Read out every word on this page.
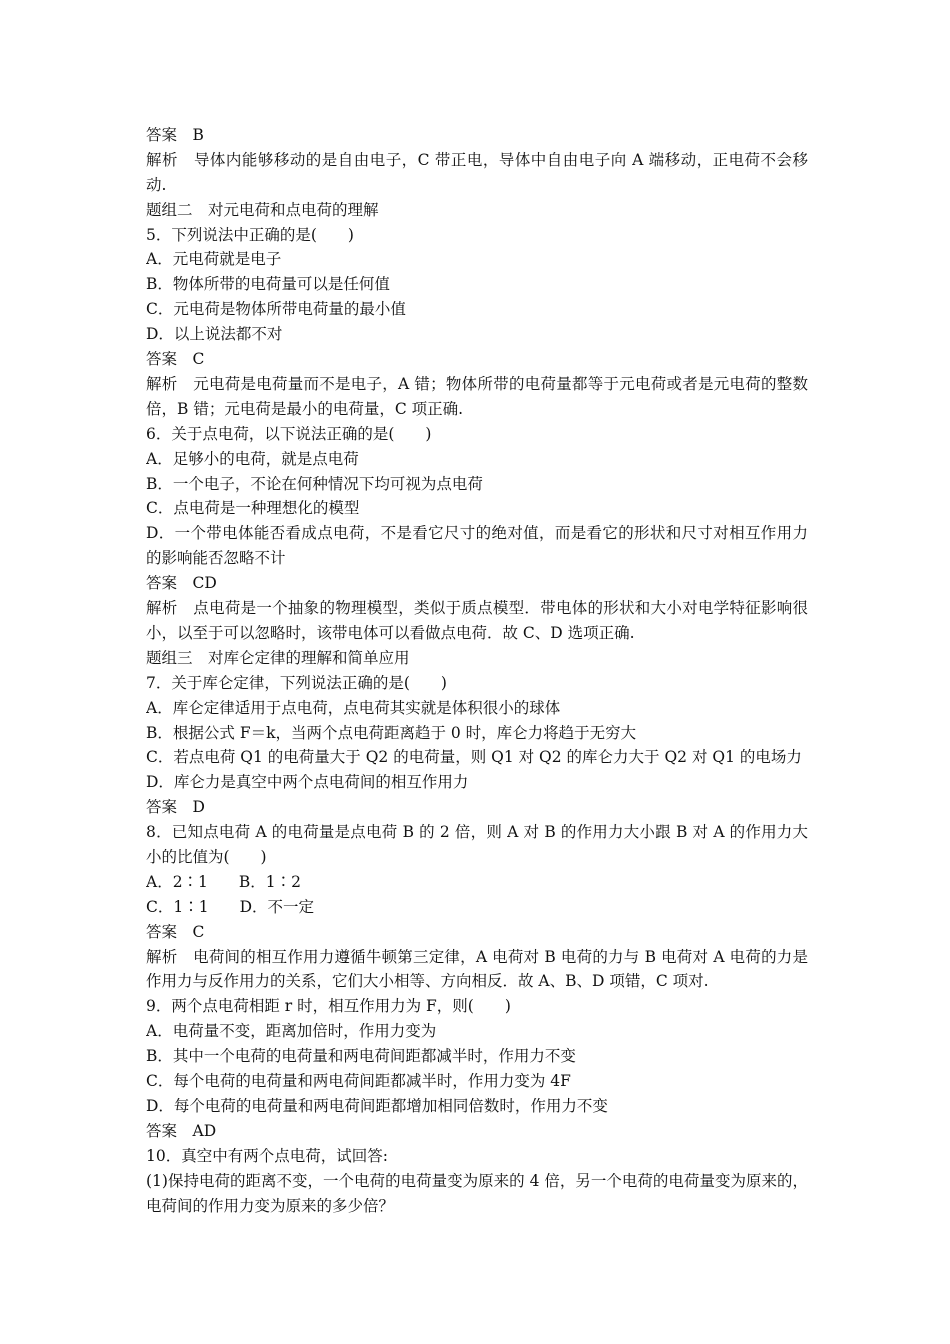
答案　B
解析　导体内能够移动的是自由电子，C 带正电，导体中自由电子向 A 端移动，正电荷不会移动.
题组二　对元电荷和点电荷的理解
5．下列说法中正确的是(　　)
A．元电荷就是电子
B．物体所带的电荷量可以是任何值
C．元电荷是物体所带电荷量的最小值
D．以上说法都不对
答案　C
解析　元电荷是电荷量而不是电子，A 错；物体所带的电荷量都等于元电荷或者是元电荷的整数倍，B 错；元电荷是最小的电荷量，C 项正确.
6．关于点电荷，以下说法正确的是(　　)
A．足够小的电荷，就是点电荷
B．一个电子，不论在何种情况下均可视为点电荷
C．点电荷是一种理想化的模型
D．一个带电体能否看成点电荷，不是看它尺寸的绝对值，而是看它的形状和尺寸对相互作用力的影响能否忽略不计
答案　CD
解析　点电荷是一个抽象的物理模型，类似于质点模型．带电体的形状和大小对电学特征影响很小，以至于可以忽略时，该带电体可以看做点电荷．故 C、D 选项正确.
题组三　对库仑定律的理解和简单应用
7．关于库仑定律，下列说法正确的是(　　)
A．库仑定律适用于点电荷，点电荷其实就是体积很小的球体
B．根据公式 F＝k，当两个点电荷距离趋于 0 时，库仑力将趋于无穷大
C．若点电荷 Q1 的电荷量大于 Q2 的电荷量，则 Q1 对 Q2 的库仑力大于 Q2 对 Q1 的电场力
D．库仑力是真空中两个点电荷间的相互作用力
答案　D
8．已知点电荷 A 的电荷量是点电荷 B 的 2 倍，则 A 对 B 的作用力大小跟 B 对 A 的作用力大小的比值为(　　)
A．2∶1　　B．1∶2
C．1∶1　　D．不一定
答案　C
解析　电荷间的相互作用力遵循牛顿第三定律，A 电荷对 B 电荷的力与 B 电荷对 A 电荷的力是作用力与反作用力的关系，它们大小相等、方向相反．故 A、B、D 项错，C 项对.
9．两个点电荷相距 r 时，相互作用力为 F，则(　　)
A．电荷量不变，距离加倍时，作用力变为
B．其中一个电荷的电荷量和两电荷间距都减半时，作用力不变
C．每个电荷的电荷量和两电荷间距都减半时，作用力变为 4F
D．每个电荷的电荷量和两电荷间距都增加相同倍数时，作用力不变
答案　AD
10．真空中有两个点电荷，试回答:
(1)保持电荷的距离不变，一个电荷的电荷量变为原来的 4 倍，另一个电荷的电荷量变为原来的，电荷间的作用力变为原来的多少倍？
